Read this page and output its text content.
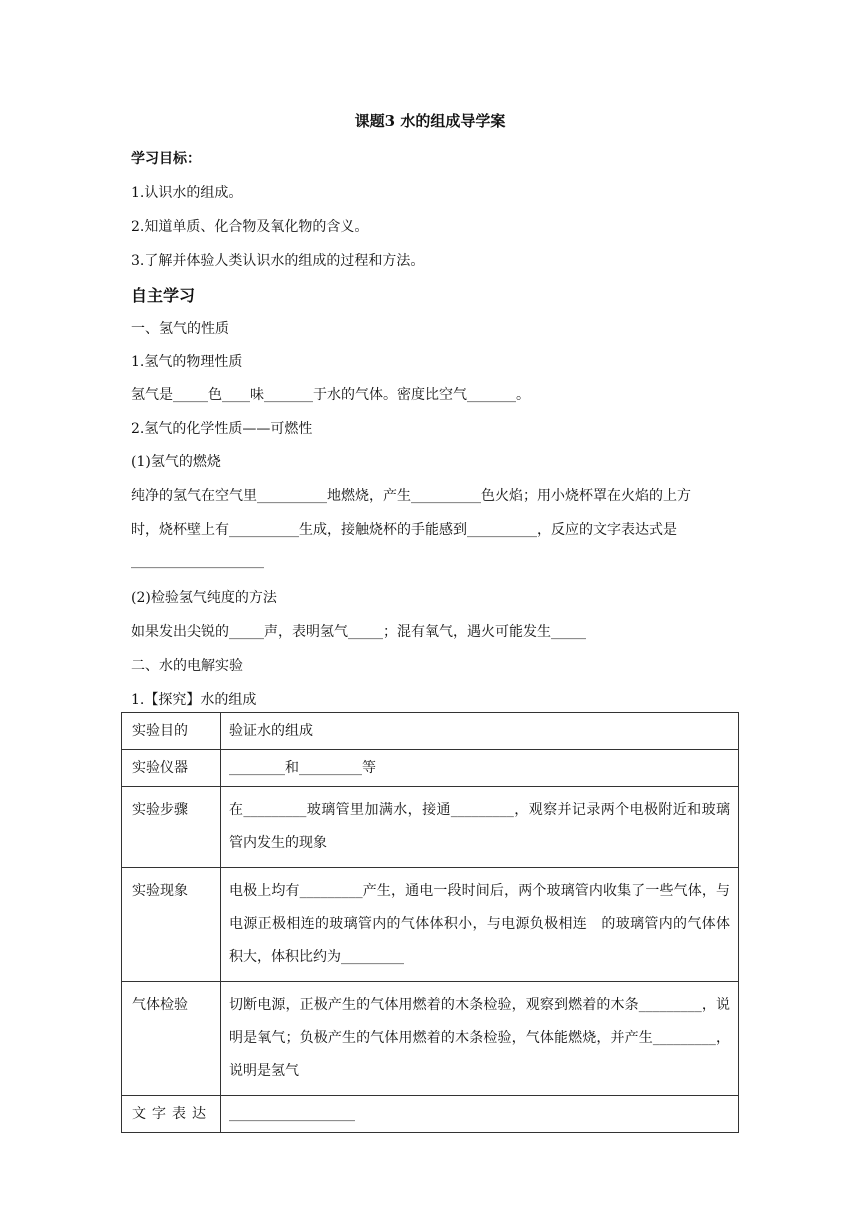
课题3 水的组成导学案
学习目标：
1.认识水的组成。
2.知道单质、化合物及氧化物的含义。
3.了解并体验人类认识水的组成的过程和方法。
自主学习
一、氢气的性质
1.氢气的物理性质
氢气是_____色____味_______于水的气体。密度比空气_______。
2.氢气的化学性质——可燃性
(1)氢气的燃烧
纯净的氢气在空气里__________地燃烧，产生__________色火焰；用小烧杯罩在火焰的上方
时，烧杯壁上有__________生成，接触烧杯的手能感到__________，反应的文字表达式是
___________________
(2)检验氢气纯度的方法
如果发出尖锐的_____声，表明氢气_____；混有氧气，遇火可能发生_____
二、水的电解实验
1.【探究】水的组成
实验目的	验证水的组成
实验仪器	________和_________等
实验步骤	在_________玻璃管里加满水，接通_________，观察并记录两个电极附近和玻璃管内发生的现象
实验现象	电极上均有_________产生，通电一段时间后，两个玻璃管内收集了一些气体，与电源正极相连的玻璃管内的气体体积小，与电源负极相连　的玻璃管内的气体体积大，体积比约为_________
气体检验	切断电源，正极产生的气体用燃着的木条检验，观察到燃着的木条_________，说明是氧气；负极产生的气体用燃着的木条检验，气体能燃烧，并产生_________，说明是氢气
文字表达	__________________
